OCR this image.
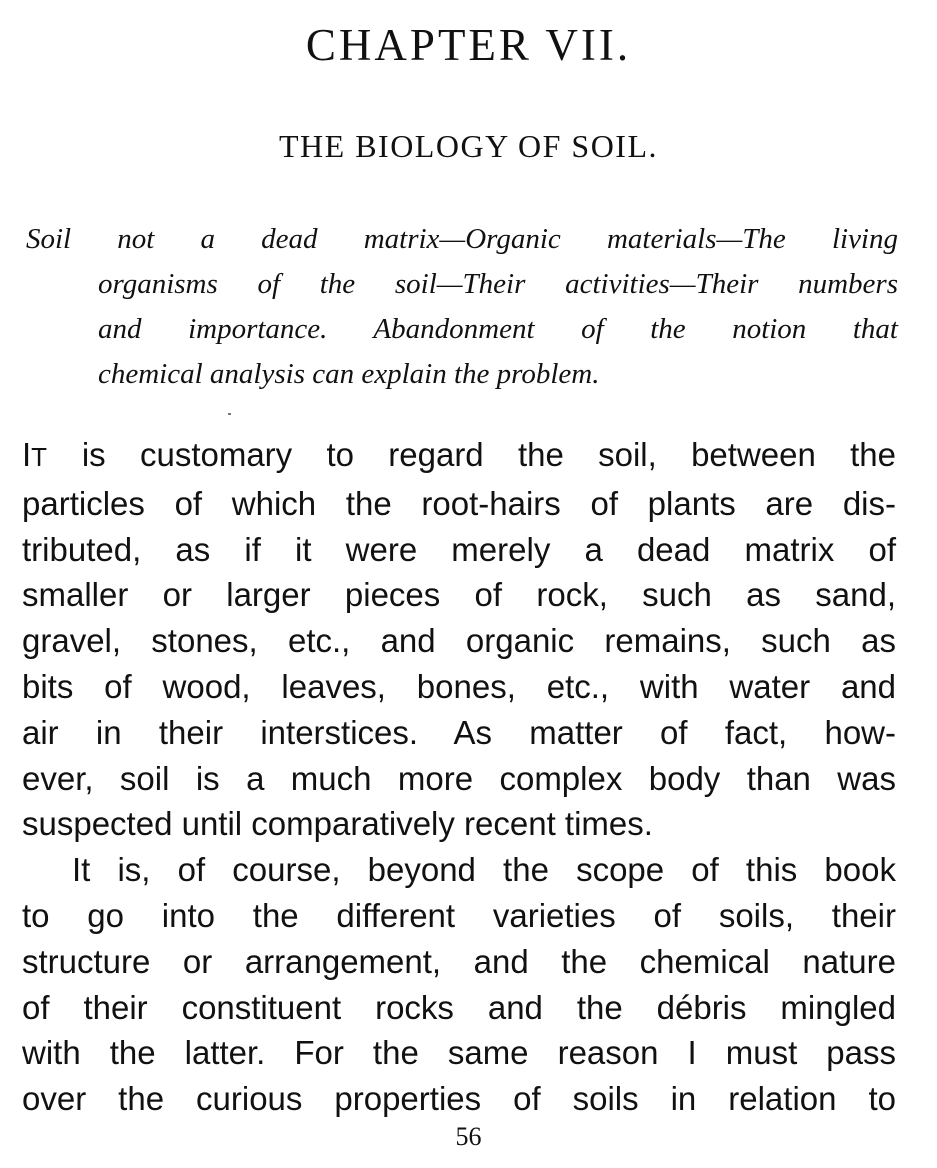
CHAPTER VII.
THE BIOLOGY OF SOIL.
Soil not a dead matrix—Organic materials—The living
organisms of the soil—Their activities—Their numbers
and importance. Abandonment of the notion that
chemical analysis can explain the problem.
IT is customary to regard the soil, between the
particles of which the root-hairs of plants are dis-
tributed, as if it were merely a dead matrix of
smaller or larger pieces of rock, such as sand,
gravel, stones, etc., and organic remains, such as
bits of wood, leaves, bones, etc., with water and
air in their interstices. As matter of fact, how-
ever, soil is a much more complex body than was
suspected until comparatively recent times.
It is, of course, beyond the scope of this book
to go into the different varieties of soils, their
structure or arrangement, and the chemical nature
of their constituent rocks and the débris mingled
with the latter. For the same reason I must pass
over the curious properties of soils in relation to
56
